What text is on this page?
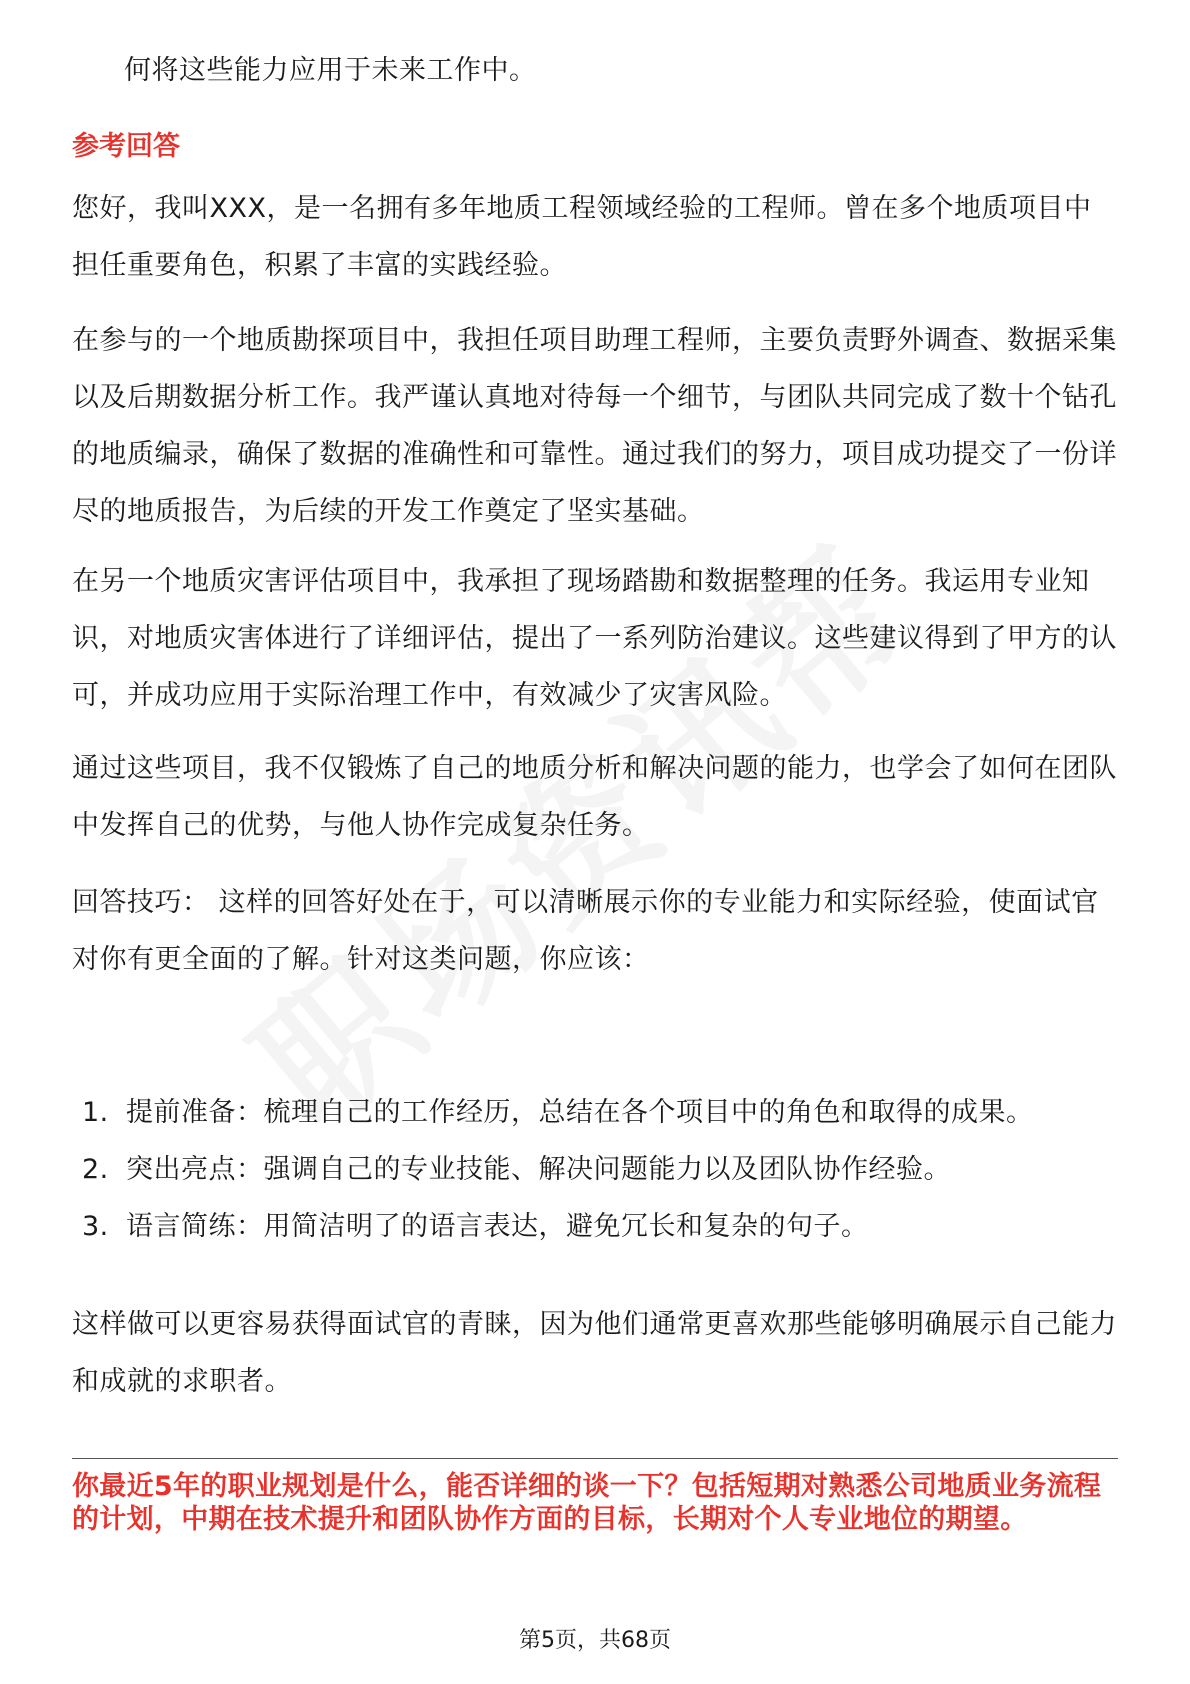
何将这些能力应用于未来工作中。

参考回答

您好，我叫XXX，是一名拥有多年地质工程领域经验的工程师。曾在多个地质项目中担任重要角色，积累了丰富的实践经验。

在参与的一个地质勘探项目中，我担任项目助理工程师，主要负责野外调查、数据采集以及后期数据分析工作。我严谨认真地对待每一个细节，与团队共同完成了数十个钻孔的地质编录，确保了数据的准确性和可靠性。通过我们的努力，项目成功提交了一份详尽的地质报告，为后续的开发工作奠定了坚实基础。

在另一个地质灾害评估项目中，我承担了现场踏勘和数据整理的任务。我运用专业知识，对地质灾害体进行了详细评估，提出了一系列防治建议。这些建议得到了甲方的认可，并成功应用于实际治理工作中，有效减少了灾害风险。

通过这些项目，我不仅锻炼了自己的地质分析和解决问题的能力，也学会了如何在团队中发挥自己的优势，与他人协作完成复杂任务。

回答技巧： 这样的回答好处在于，可以清晰展示你的专业能力和实际经验，使面试官对你有更全面的了解。针对这类问题，你应该：

1. 提前准备：梳理自己的工作经历，总结在各个项目中的角色和取得的成果。
2. 突出亮点：强调自己的专业技能、解决问题能力以及团队协作经验。
3. 语言简练：用简洁明了的语言表达，避免冗长和复杂的句子。

这样做可以更容易获得面试官的青睐，因为他们通常更喜欢那些能够明确展示自己能力和成就的求职者。

你最近5年的职业规划是什么，能否详细的谈一下？包括短期对熟悉公司地质业务流程的计划，中期在技术提升和团队协作方面的目标，长期对个人专业地位的期望。

第5页，共68页
